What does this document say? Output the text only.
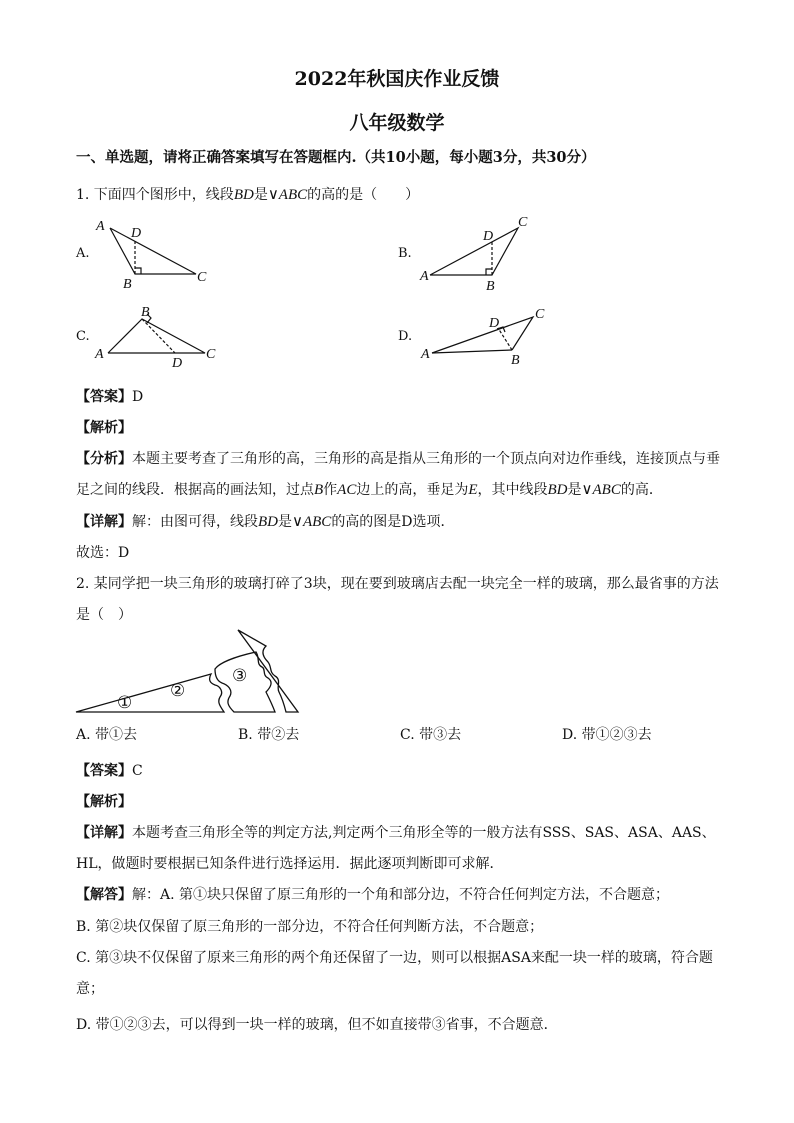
2022年秋国庆作业反馈
八年级数学
一、单选题，请将正确答案填写在答题框内.（共10小题，每小题3分，共30分）
1. 下面四个图形中，线段BD是∨ABC的高的是（　　）
A.	B.
C.	D.
A D
B	C
C
D
A
B
B
A
D
C
C
D
A	B
【答案】D
【解析】
【分析】本题主要考查了三角形的高，三角形的高是指从三角形的一个顶点向对边作垂线，连接顶点与垂
足之间的线段．根据高的画法知，过点B作AC边上的高，垂足为E，其中线段BD是∨ABC的高．
【详解】解：由图可得，线段BD是∨ABC的高的图是D选项．
故选：D
2. 某同学把一块三角形的玻璃打碎了3块，现在要到玻璃店去配一块完全一样的玻璃，那么最省事的方法
是（　）
①
②
③
A. 带①去	B. 带②去	C. 带③去	D. 带①②③去
【答案】C
【解析】
【详解】本题考查三角形全等的判定方法,判定两个三角形全等的一般方法有SSS、SAS、ASA、AAS、
HL，做题时要根据已知条件进行选择运用．据此逐项判断即可求解．
【解答】解：A. 第①块只保留了原三角形的一个角和部分边，不符合任何判定方法，不合题意；
B. 第②块仅保留了原三角形的一部分边，不符合任何判断方法，不合题意；
C. 第③块不仅保留了原来三角形的两个角还保留了一边，则可以根据ASA来配一块一样的玻璃，符合题
意；
D. 带①②③去，可以得到一块一样的玻璃，但不如直接带③省事，不合题意．
